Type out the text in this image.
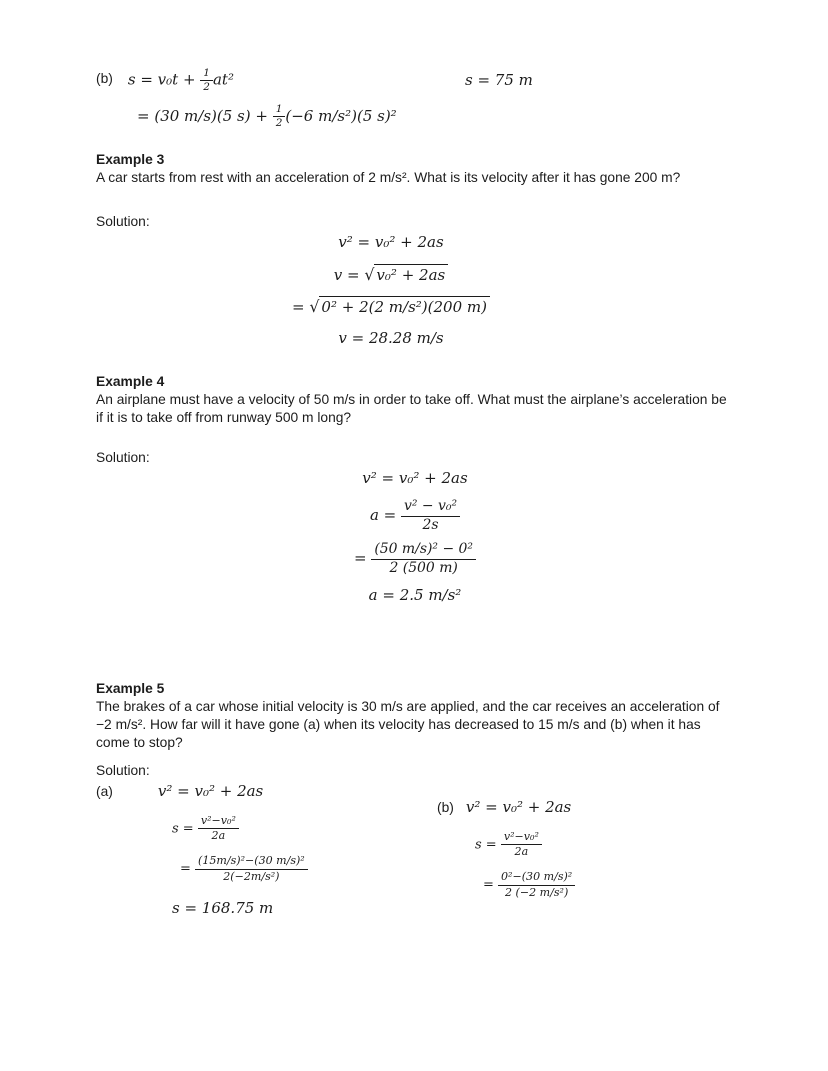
(b) $s = v_0t + \frac{1}{2} at^2$	s = 75 m
= (30 m/s)(5 $s) + \frac{1}{2} (-6$ m/s²)(5 s)²
Example 3
A car starts from rest with an acceleration of 2 m/s². What is its velocity after it has gone 200 m?
Solution:
v² = v₀² + 2as
v = √ v₀² + 2as
= √ 0² + 2(2 m/s²)(200 m)
v = 28.28 m/s
Example 4
An airplane must have a velocity of 50 m/s in order to take off. What must the airplane’s acceleration be
if it is to take off from runway 500 m long?
Solution:
v² = v₀² + 2as
$a = \frac{\text{v² − v₀²}}{2s}$
= $\frac{\text{(50 m/s)² − 0²}}{2 (500 m)}$
a = 2.5 m/s²
Example 5
The brakes of a car whose initial velocity is 30 m/s are applied, and the car receives an acceleration of
−2 m/s². How far will it have gone (a) when its velocity has decreased to 15 m/s and (b) when it has
come to stop?
Solution:
(a)	v² = v₀² + 2as
$s = \frac{\text{v²−v₀²}}{2a}$
= $\frac{\text{(15m/s)²−(30 m/s)²}}{\text{2(−2m/s²)}}$
s = 168.75 m
(b) v² = v₀² + 2as
$s = \frac{\text{v²−v₀²}}{2a}$
= $\frac{\text{0²−(30 m/s)²}}{\text{2 (−2 m/s²)}}$
